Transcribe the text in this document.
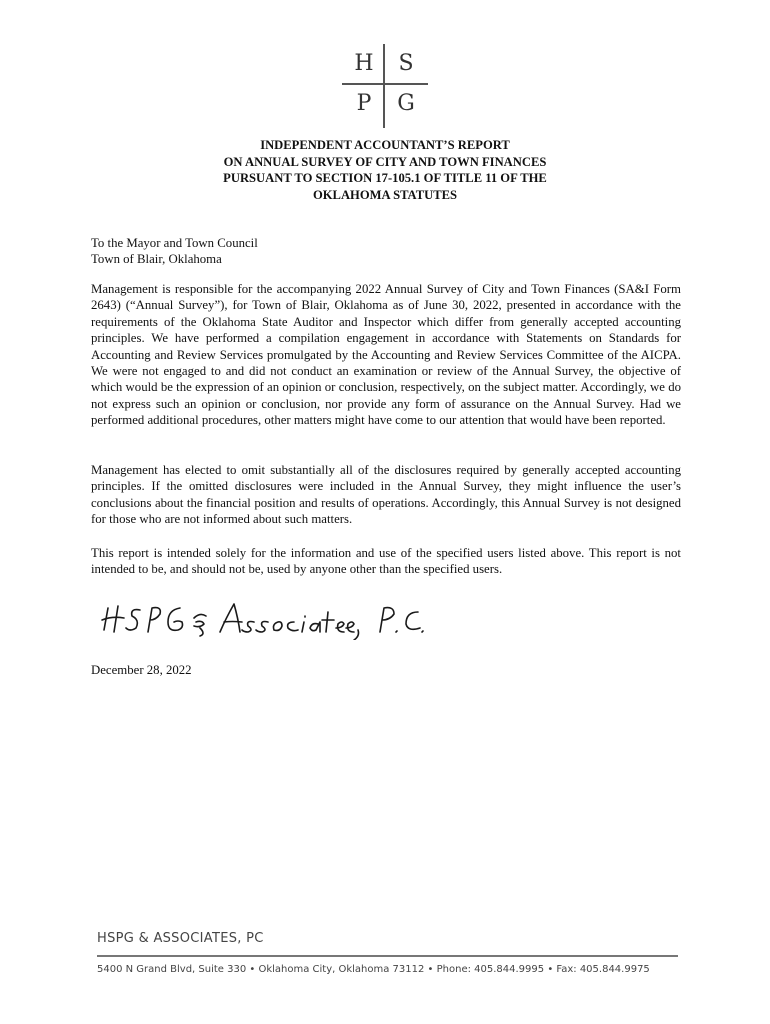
H	S
P	G
INDEPENDENT ACCOUNTANT’S REPORT
ON ANNUAL SURVEY OF CITY AND TOWN FINANCES
PURSUANT TO SECTION 17-105.1 OF TITLE 11 OF THE
OKLAHOMA STATUTES
To the Mayor and Town Council
Town of Blair, Oklahoma

Management is responsible for the accompanying 2022 Annual Survey of City and Town Finances (SA&I Form 2643) (“Annual Survey”), for Town of Blair, Oklahoma as of June 30, 2022, presented in accordance with the requirements of the Oklahoma State Auditor and Inspector which differ from generally accepted accounting principles. We have performed a compilation engagement in accordance with Statements on Standards for Accounting and Review Services promulgated by the Accounting and Review Services Committee of the AICPA. We were not engaged to and did not conduct an examination or review of the Annual Survey, the objective of which would be the expression of an opinion or conclusion, respectively, on the subject matter. Accordingly, we do not express such an opinion or conclusion, nor provide any form of assurance on the Annual Survey. Had we performed additional procedures, other matters might have come to our attention that would have been reported.

Management has elected to omit substantially all of the disclosures required by generally accepted accounting principles. If the omitted disclosures were included in the Annual Survey, they might influence the user’s conclusions about the financial position and results of operations. Accordingly, this Annual Survey is not designed for those who are not informed about such matters.

This report is intended solely for the information and use of the specified users listed above. This report is not intended to be, and should not be, used by anyone other than the specified users.

December 28, 2022
HSPG & ASSOCIATES, PC
5400 N Grand Blvd, Suite 330 • Oklahoma City, Oklahoma 73112 • Phone: 405.844.9995 • Fax: 405.844.9975
